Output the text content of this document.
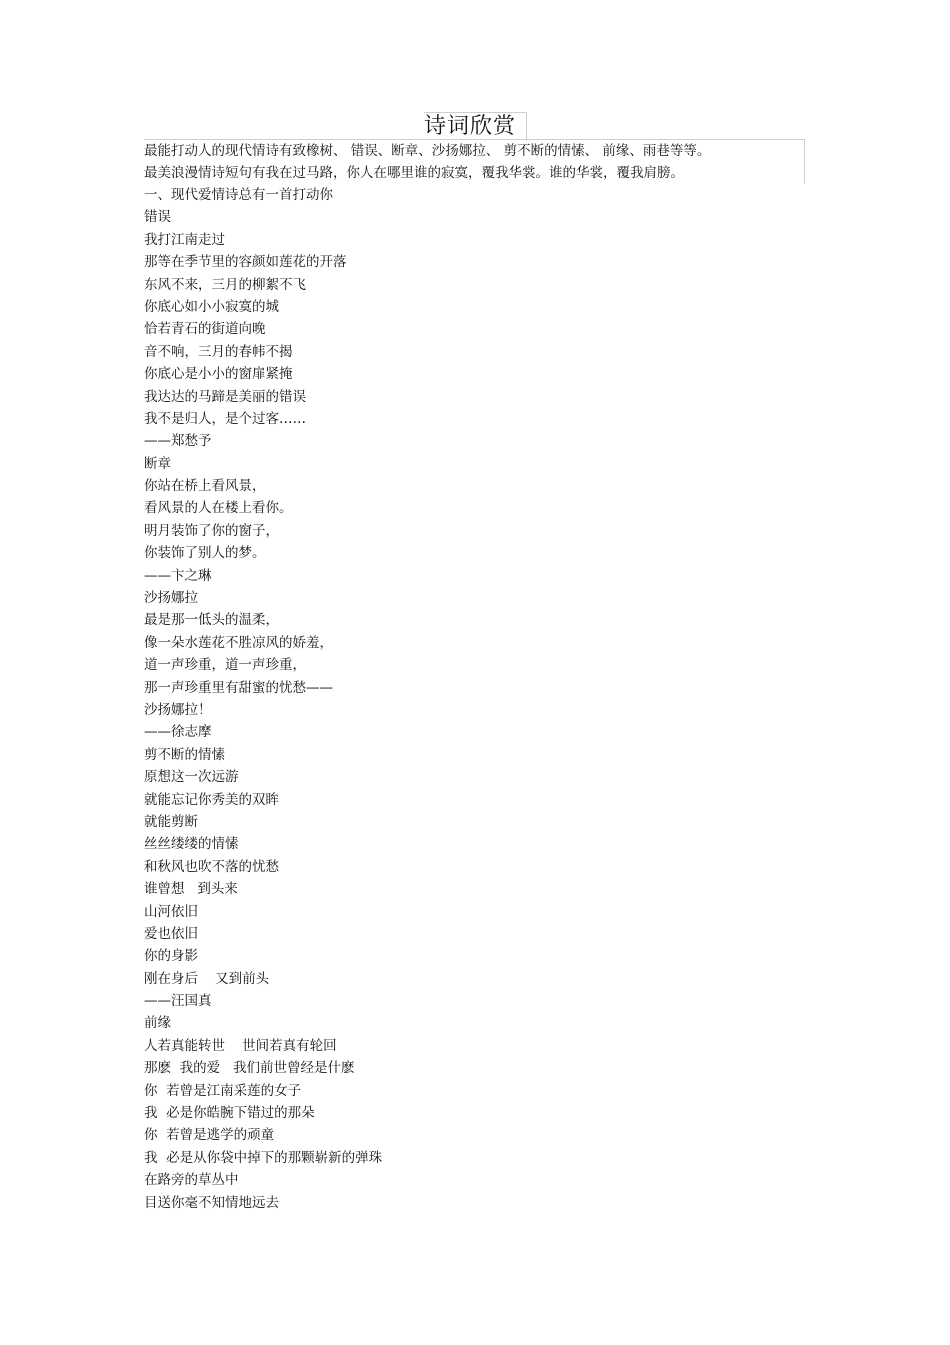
诗词欣赏
最能打动人的现代情诗有致橡树、 错误、断章、沙扬娜拉、 剪不断的情愫、 前缘、雨巷等等。
最美浪漫情诗短句有我在过马路，你人在哪里谁的寂寞，覆我华裳。谁的华裳，覆我肩膀。
一、现代爱情诗总有一首打动你
错误
我打江南走过
那等在季节里的容颜如莲花的开落
东风不来，三月的柳絮不飞
你底心如小小寂寞的城
恰若青石的街道向晚
音不响，三月的春帏不揭
你底心是小小的窗扉紧掩
我达达的马蹄是美丽的错误
我不是归人，是个过客……
——郑愁予
断章
你站在桥上看风景，
看风景的人在楼上看你。
明月装饰了你的窗子，
你装饰了别人的梦。
——卞之琳
沙扬娜拉
最是那一低头的温柔，
像一朵水莲花不胜凉风的娇羞，
道一声珍重，道一声珍重，
那一声珍重里有甜蜜的忧愁——
沙扬娜拉！
——徐志摩
剪不断的情愫
原想这一次远游
就能忘记你秀美的双眸
就能剪断
丝丝缕缕的情愫
和秋风也吹不落的忧愁
谁曾想   到头来
山河依旧
爱也依旧
你的身影
刚在身后    又到前头
——汪国真
前缘
人若真能转世    世间若真有轮回
那麽  我的爱   我们前世曾经是什麽
你  若曾是江南采莲的女子
我  必是你皓腕下错过的那朵
你  若曾是逃学的顽童
我  必是从你袋中掉下的那颗崭新的弹珠
在路旁的草丛中
目送你毫不知情地远去
